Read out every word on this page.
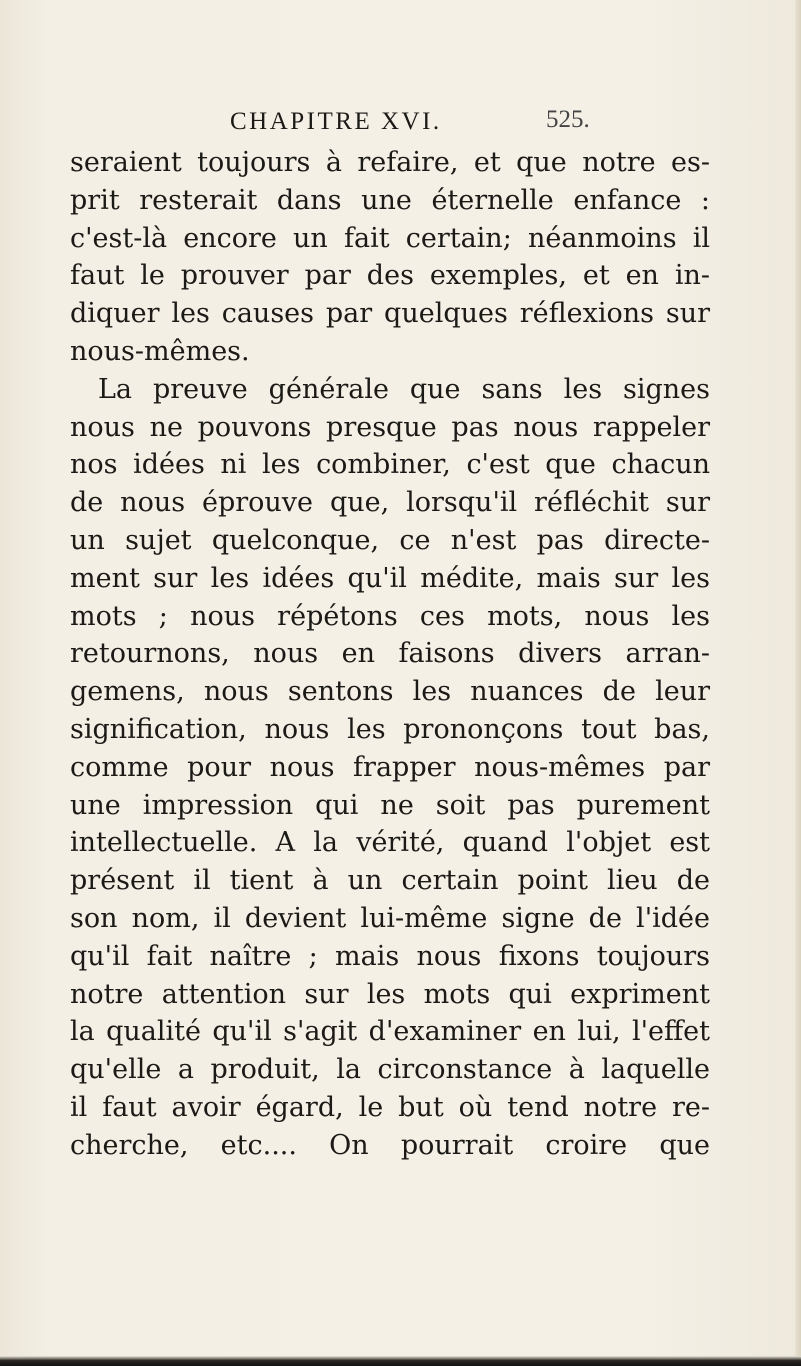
CHAPITRE XVI.	525.
seraient toujours à refaire, et que notre es-
prit resterait dans une éternelle enfance :
c'est-là encore un fait certain; néanmoins il
faut le prouver par des exemples, et en in-
diquer les causes par quelques réflexions sur
nous-mêmes.
La preuve générale que sans les signes
nous ne pouvons presque pas nous rappeler
nos idées ni les combiner, c'est que chacun
de nous éprouve que, lorsqu'il réfléchit sur
un sujet quelconque, ce n'est pas directe-
ment sur les idées qu'il médite, mais sur les
mots ; nous répétons ces mots, nous les
retournons, nous en faisons divers arran-
gemens, nous sentons les nuances de leur
signification, nous les prononçons tout bas,
comme pour nous frapper nous-mêmes par
une impression qui ne soit pas purement
intellectuelle. A la vérité, quand l'objet est
présent il tient à un certain point lieu de
son nom, il devient lui-même signe de l'idée
qu'il fait naître ; mais nous fixons toujours
notre attention sur les mots qui expriment
la qualité qu'il s'agit d'examiner en lui, l'effet
qu'elle a produit, la circonstance à laquelle
il faut avoir égard, le but où tend notre re-
cherche, etc.... On pourrait croire que
